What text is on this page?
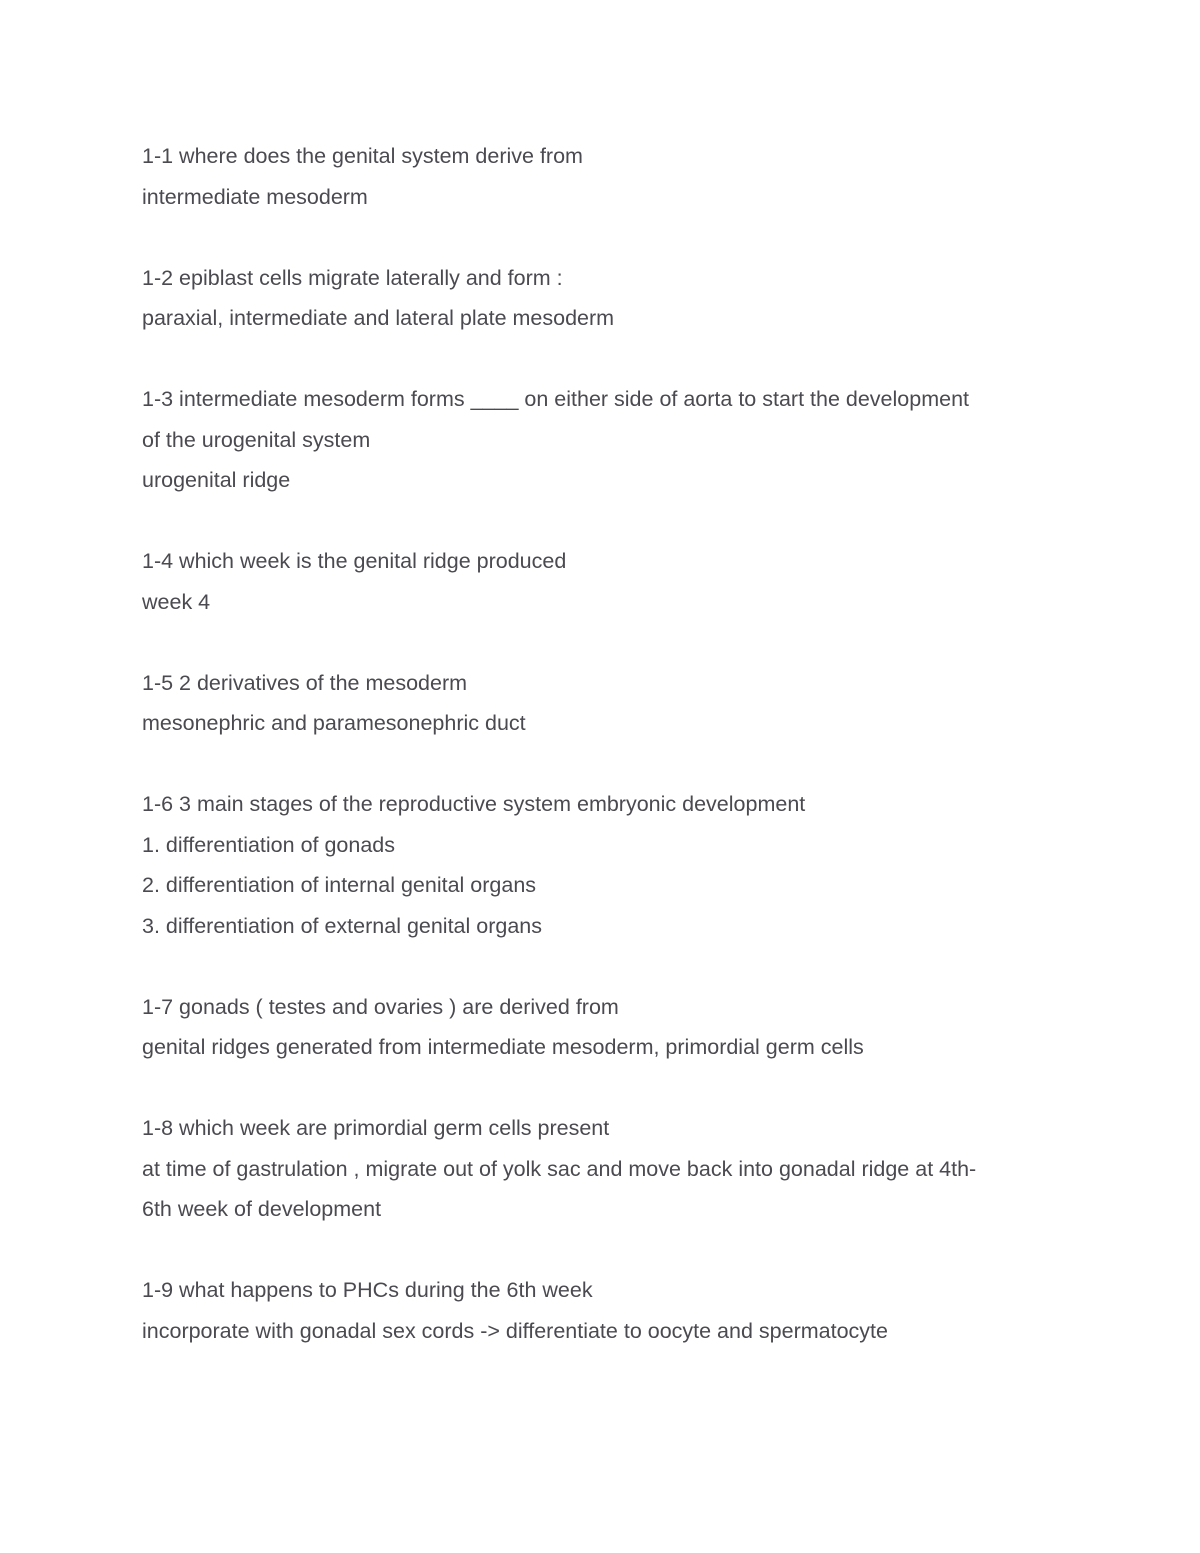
1-1 where does the genital system derive from

intermediate mesoderm

1-2 epiblast cells migrate laterally and form :

paraxial, intermediate and lateral plate mesoderm

1-3 intermediate mesoderm forms ____ on either side of aorta to start the development

of the urogenital system

urogenital ridge

1-4 which week is the genital ridge produced

week 4

1-5 2 derivatives of the mesoderm

mesonephric and paramesonephric duct

1-6 3 main stages of the reproductive system embryonic development

1. differentiation of gonads

2. differentiation of internal genital organs

3. differentiation of external genital organs

1-7 gonads ( testes and ovaries ) are derived from

genital ridges generated from intermediate mesoderm, primordial germ cells

1-8 which week are primordial germ cells present

at time of gastrulation , migrate out of yolk sac and move back into gonadal ridge at 4th-

6th week of development

1-9 what happens to PHCs during the 6th week

incorporate with gonadal sex cords -> differentiate to oocyte and spermatocyte
